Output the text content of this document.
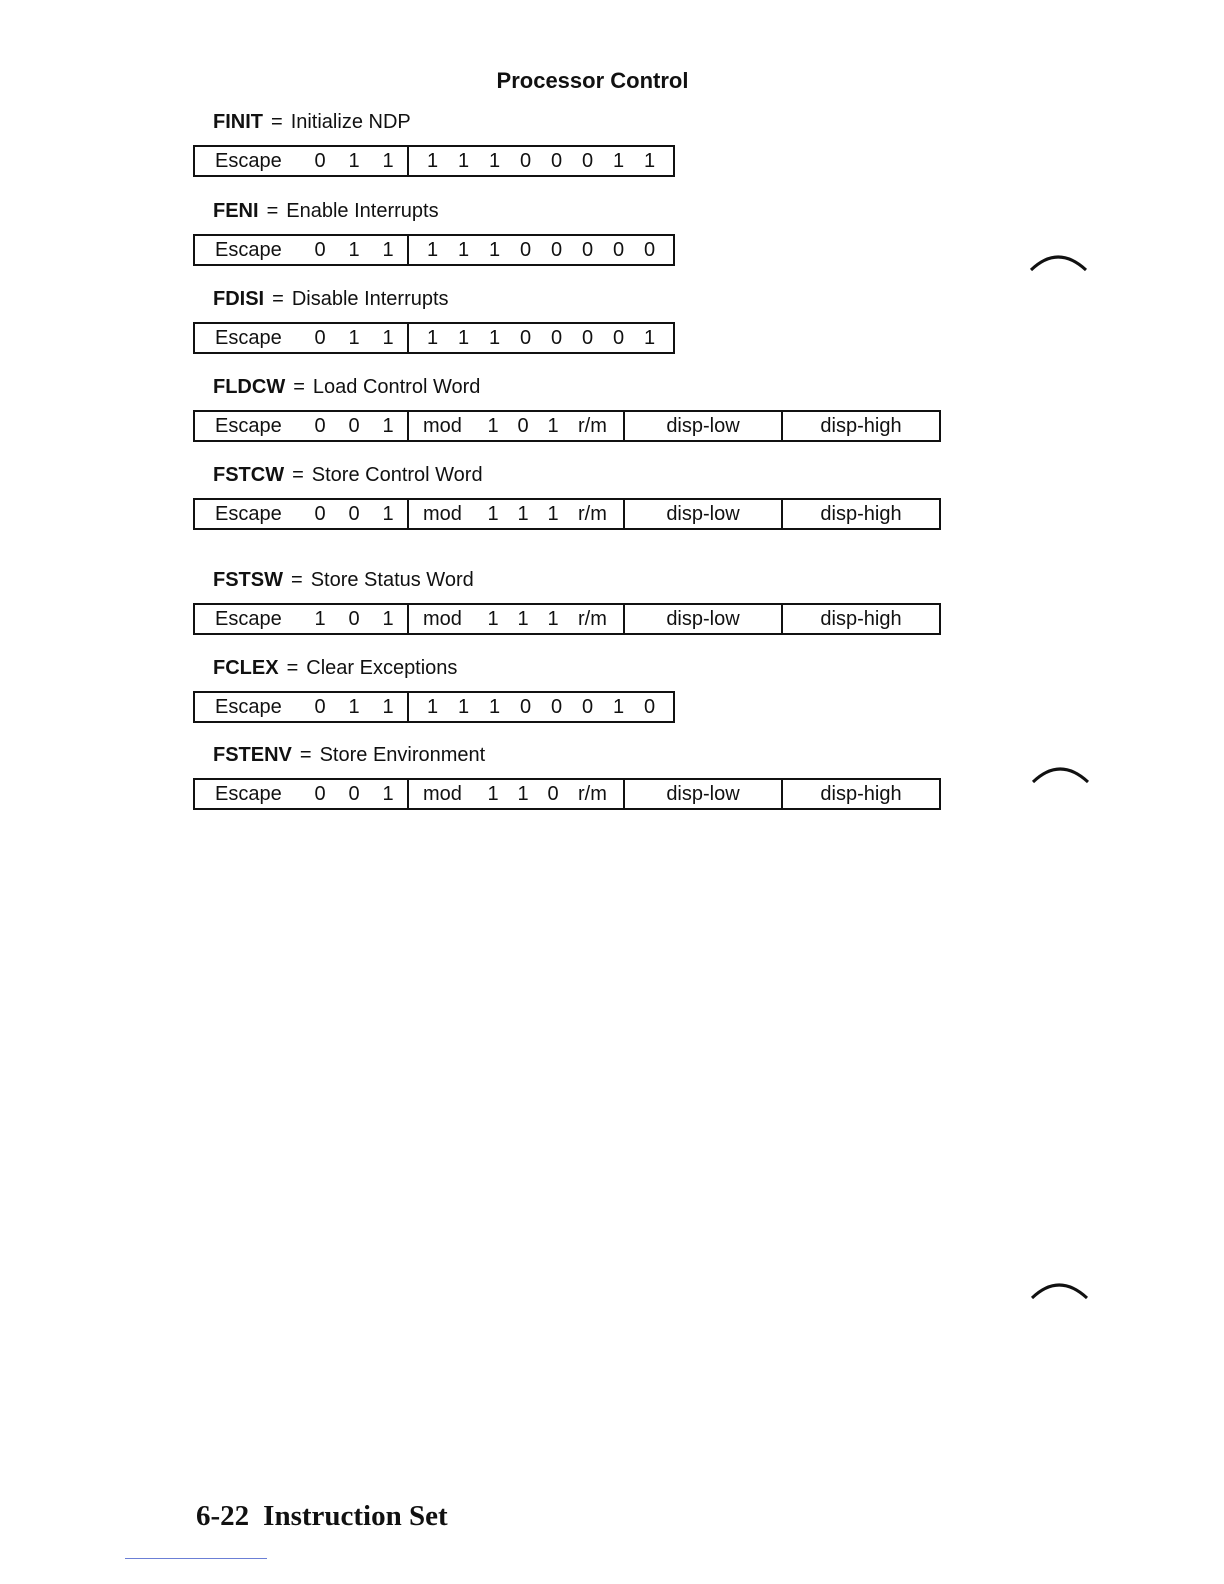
Processor Control
FINIT = Initialize NDP
Escape	0	1	1	1 1 1 0 0 0 1 1
FENI = Enable Interrupts
Escape	0	1	1	1 1 1 0 0 0 0 0
FDISI = Disable Interrupts
Escape	0	1	1	1 1 1 0 0 0 0 1
FLDCW = Load Control Word
Escape	0	0	1	mod	1 0 1 r/m	disp-low	disp-high
FSTCW = Store Control Word
Escape	0	0	1	mod	1 1 1 r/m	disp-low	disp-high
FSTSW = Store Status Word
Escape	1	0	1	mod	1 1 1 r/m	disp-low	disp-high
FCLEX = Clear Exceptions
Escape	0	1	1	1 1 1 0 0 0 1 0
FSTENV = Store Environment
Escape	0	0	1	mod	1 1 0 r/m	disp-low	disp-high
6-22 Instruction Set
